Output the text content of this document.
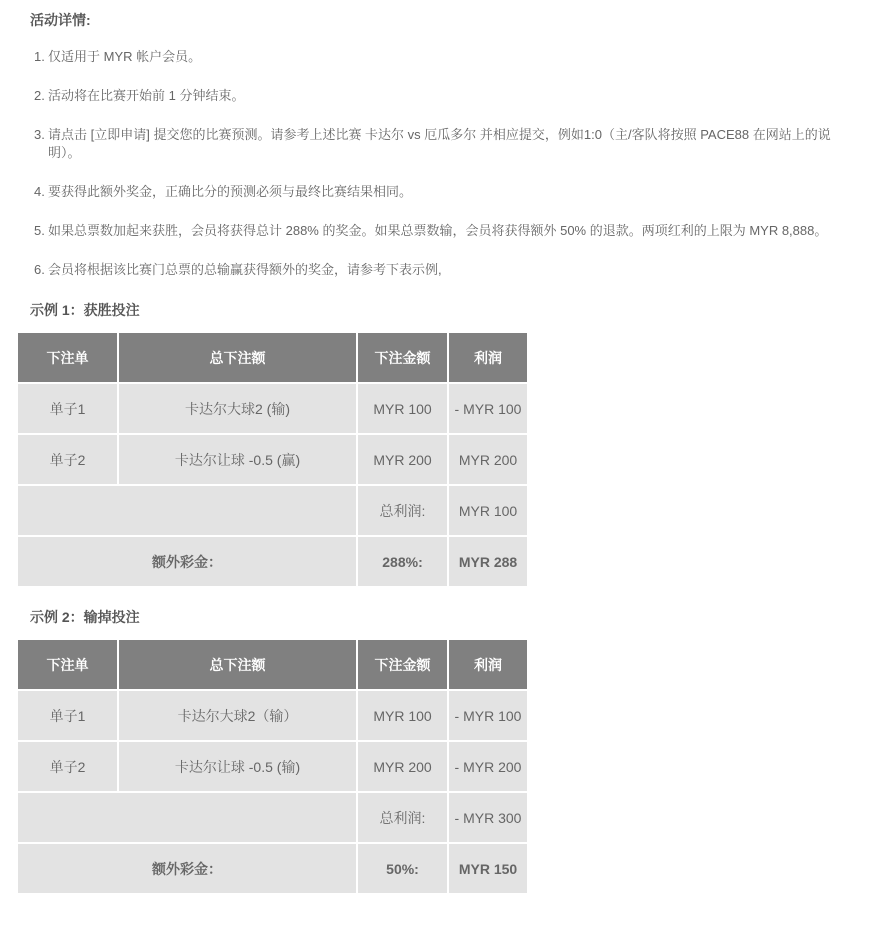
活动详情:
1. 仅适用于 MYR 帐户会员。
2. 活动将在比赛开始前 1 分钟结束。
3. 请点击 [立即申请] 提交您的比赛预测。请参考上述比赛 卡达尔 vs 厄瓜多尔 并相应提交，例如1:0（主/客队将按照 PACE88 在网站上的说明）。
4. 要获得此额外奖金，正确比分的预测必须与最终比赛结果相同。
5. 如果总票数加起来获胜，会员将获得总计 288% 的奖金。如果总票数输，会员将获得额外 50% 的退款。两项红利的上限为 MYR 8,888。
6. 会员将根据该比赛门总票的总输赢获得额外的奖金，请参考下表示例,
示例 1：获胜投注
下注单	总下注额	下注金额	利润
单子1	卡达尔大球2 (输)	MYR 100	- MYR 100
单子2	卡达尔让球 -0.5 (赢)	MYR 200	MYR 200
		总利润:	MYR 100
额外彩金：		288%:	MYR 288
示例 2：输掉投注
下注单	总下注额	下注金额	利润
单子1	卡达尔大球2（输）	MYR 100	- MYR 100
单子2	卡达尔让球 -0.5 (输)	MYR 200	- MYR 200
		总利润:	- MYR 300
额外彩金：		50%:	MYR 150
